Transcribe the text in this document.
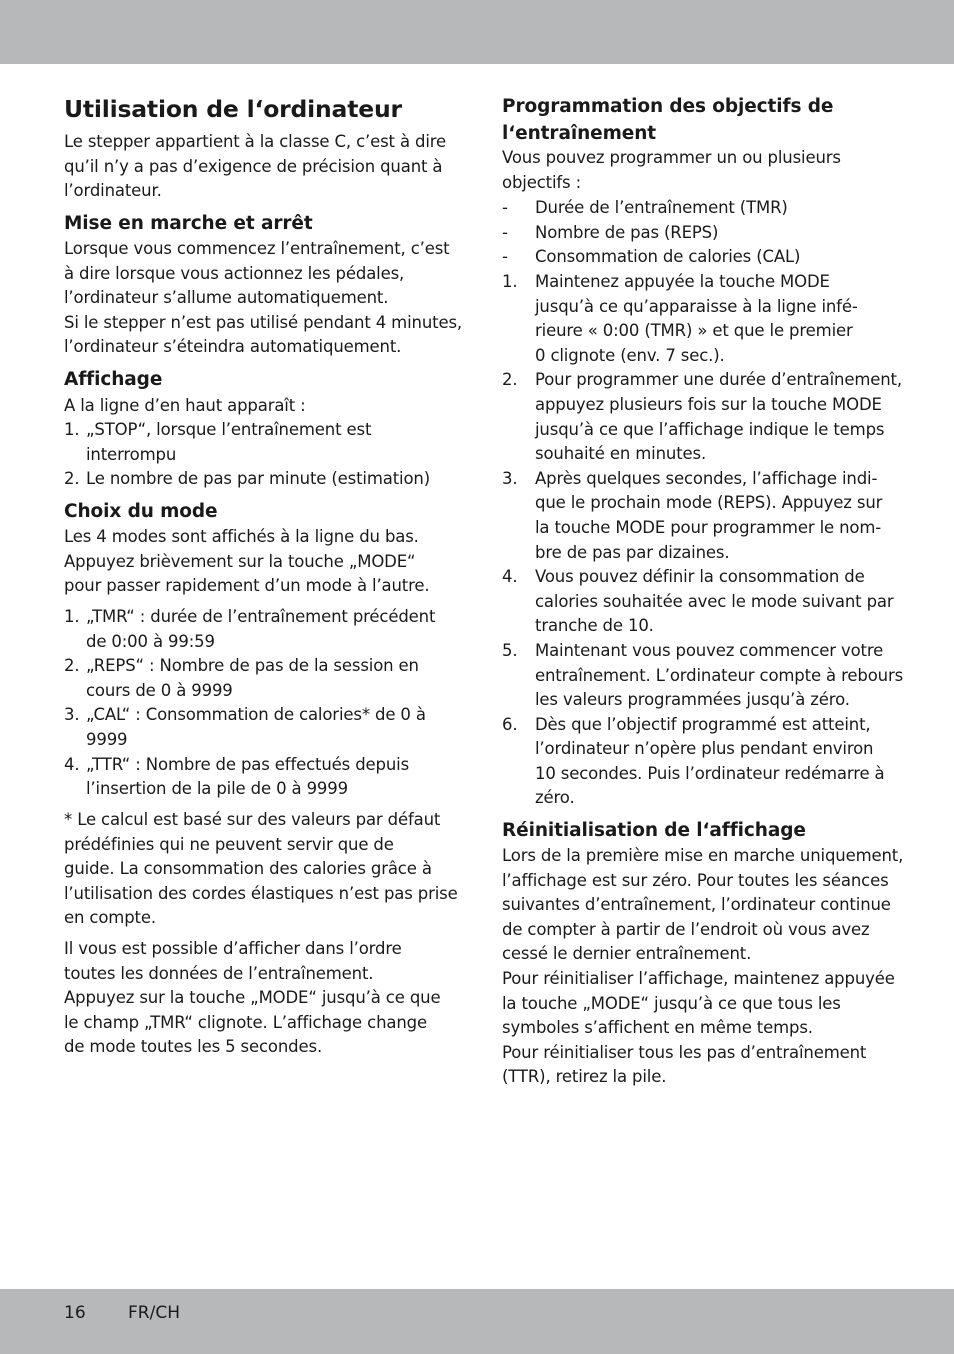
Utilisation de l‘ordinateur
Le stepper appartient à la classe C, c’est à dire
qu’il n’y a pas d’exigence de précision quant à
l’ordinateur.
Mise en marche et arrêt
Lorsque vous commencez l’entraînement, c’est
à dire lorsque vous actionnez les pédales,
l’ordinateur s’allume automatiquement.
Si le stepper n’est pas utilisé pendant 4 minutes,
l’ordinateur s’éteindra automatiquement.
Affichage
A la ligne d’en haut apparaît :
1. „STOP“, lorsque l’entraînement est
interrompu
2. Le nombre de pas par minute (estimation)
Choix du mode
Les 4 modes sont affichés à la ligne du bas.
Appuyez brièvement sur la touche „MODE“
pour passer rapidement d’un mode à l’autre.
1. „TMR“ : durée de l’entraînement précédent
de 0:00 à 99:59
2. „REPS“ : Nombre de pas de la session en
cours de 0 à 9999
3. „CAL“ : Consommation de calories* de 0 à
9999
4. „TTR“ : Nombre de pas effectués depuis
l’insertion de la pile de 0 à 9999
* Le calcul est basé sur des valeurs par défaut
prédéfinies qui ne peuvent servir que de
guide. La consommation des calories grâce à
l’utilisation des cordes élastiques n’est pas prise
en compte.
Il vous est possible d’afficher dans l’ordre
toutes les données de l’entraînement.
Appuyez sur la touche „MODE“ jusqu’à ce que
le champ „TMR“ clignote. L’affichage change
de mode toutes les 5 secondes.
Programmation des objectifs de
l‘entraînement
Vous pouvez programmer un ou plusieurs
objectifs :
- Durée de l’entraînement (TMR)
- Nombre de pas (REPS)
- Consommation de calories (CAL)
1. Maintenez appuyée la touche MODE
jusqu’à ce qu’apparaisse à la ligne infé-
rieure « 0:00 (TMR) » et que le premier
0 clignote (env. 7 sec.).
2. Pour programmer une durée d’entraînement,
appuyez plusieurs fois sur la touche MODE
jusqu’à ce que l’affichage indique le temps
souhaité en minutes.
3. Après quelques secondes, l’affichage indi-
que le prochain mode (REPS). Appuyez sur
la touche MODE pour programmer le nom-
bre de pas par dizaines.
4. Vous pouvez définir la consommation de
calories souhaitée avec le mode suivant par
tranche de 10.
5. Maintenant vous pouvez commencer votre
entraînement. L’ordinateur compte à rebours
les valeurs programmées jusqu’à zéro.
6. Dès que l’objectif programmé est atteint,
l’ordinateur n’opère plus pendant environ
10 secondes. Puis l’ordinateur redémarre à
zéro.
Réinitialisation de l‘affichage
Lors de la première mise en marche uniquement,
l’affichage est sur zéro. Pour toutes les séances
suivantes d’entraînement, l’ordinateur continue
de compter à partir de l’endroit où vous avez
cessé le dernier entraînement.
Pour réinitialiser l’affichage, maintenez appuyée
la touche „MODE“ jusqu’à ce que tous les
symboles s’affichent en même temps.
Pour réinitialiser tous les pas d’entraînement
(TTR), retirez la pile.
16 FR/CH
